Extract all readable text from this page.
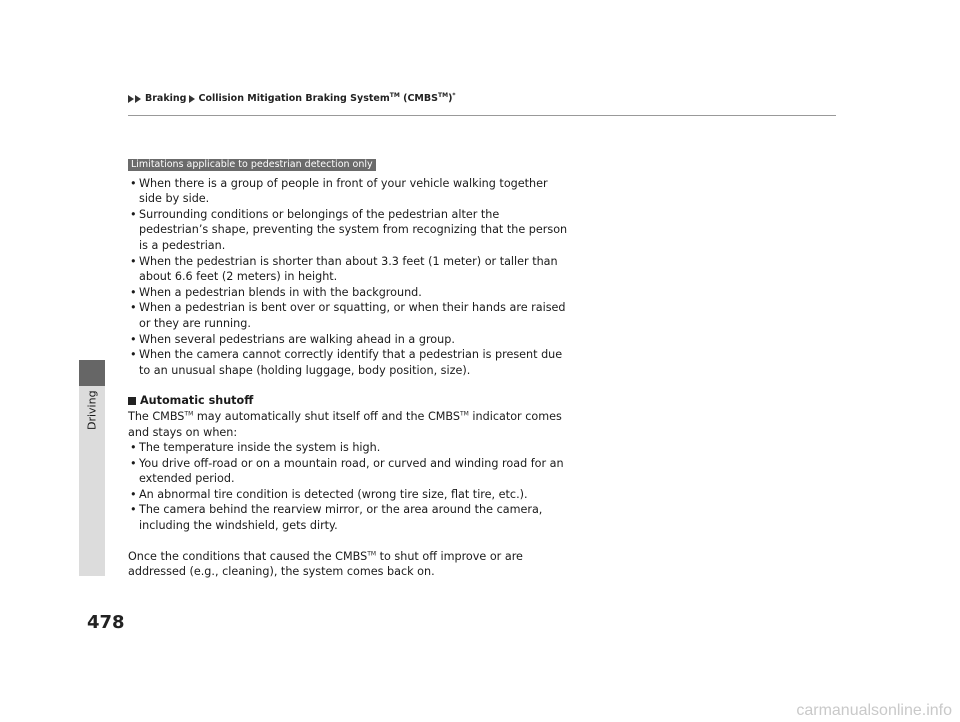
Driving
478
Braking Collision Mitigation Braking System™ (CMBS™)*
Limitations applicable to pedestrian detection only
• When there is a group of people in front of your vehicle walking together side by side.
• Surrounding conditions or belongings of the pedestrian alter the pedestrian’s shape, preventing the system from recognizing that the person is a pedestrian.
• When the pedestrian is shorter than about 3.3 feet (1 meter) or taller than about 6.6 feet (2 meters) in height.
• When a pedestrian blends in with the background.
• When a pedestrian is bent over or squatting, or when their hands are raised or they are running.
• When several pedestrians are walking ahead in a group.
• When the camera cannot correctly identify that a pedestrian is present due to an unusual shape (holding luggage, body position, size).
Automatic shutoff

The CMBS™ may automatically shut itself off and the CMBS™ indicator comes and stays on when:

• The temperature inside the system is high.
• You drive off-road or on a mountain road, or curved and winding road for an extended period.
• An abnormal tire condition is detected (wrong tire size, flat tire, etc.).
• The camera behind the rearview mirror, or the area around the camera, including the windshield, gets dirty.

Once the conditions that caused the CMBS™ to shut off improve or are addressed (e.g., cleaning), the system comes back on.

carmanualsonline.info
